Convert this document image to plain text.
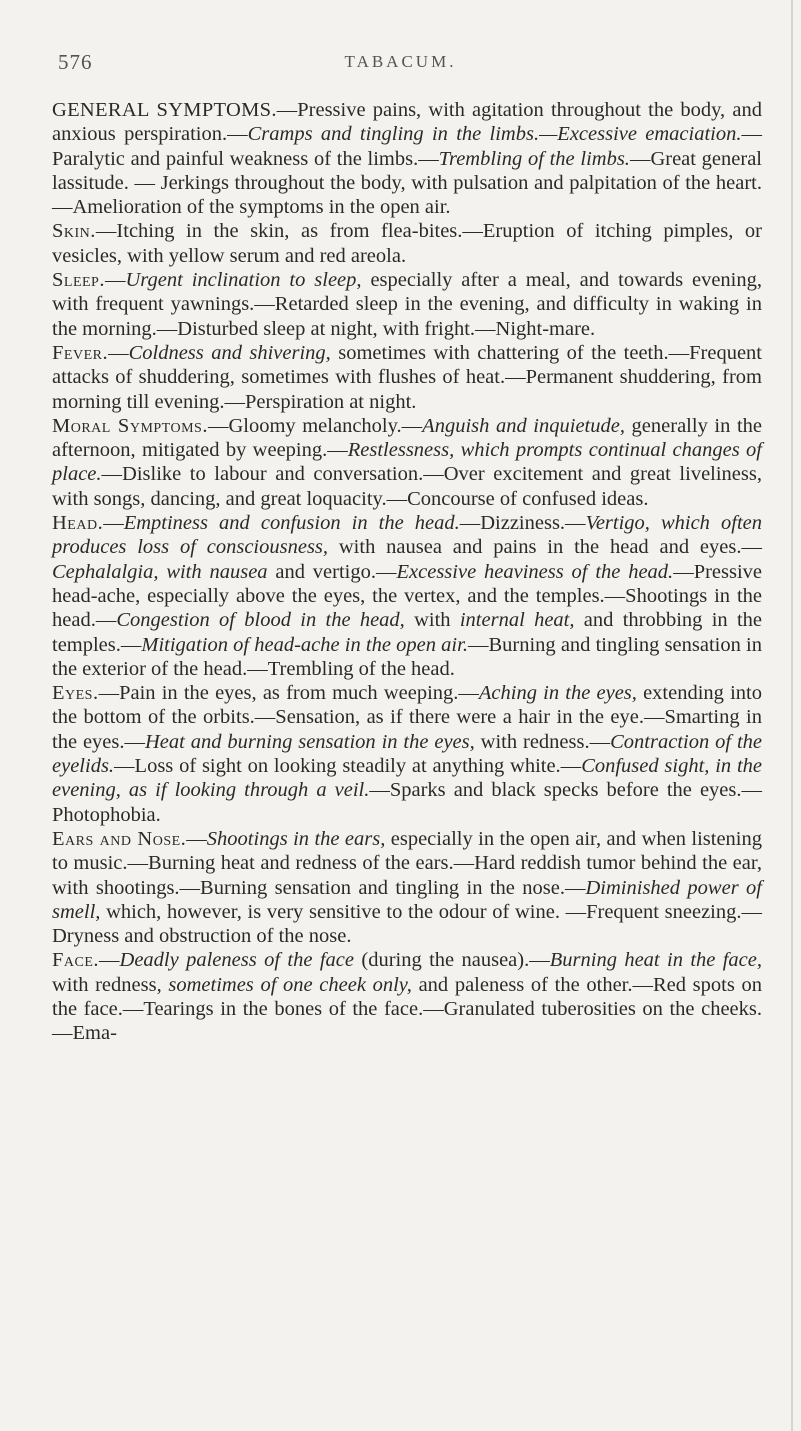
576	TABACUM.

GENERAL SYMPTOMS.—Pressive pains, with agitation throughout the body, and anxious perspiration.—Cramps and tingling in the limbs.—Excessive emaciation.—Paralytic and painful weakness of the limbs.—Trembling of the limbs.—Great general lassitude. — Jerkings throughout the body, with pulsation and palpitation of the heart.—Amelioration of the symptoms in the open air.

Skin.—Itching in the skin, as from flea-bites.—Eruption of itching pimples, or vesicles, with yellow serum and red areola.

Sleep.—Urgent inclination to sleep, especially after a meal, and towards evening, with frequent yawnings.—Retarded sleep in the evening, and difficulty in waking in the morning.—Disturbed sleep at night, with fright.—Night-mare.

Fever.—Coldness and shivering, sometimes with chattering of the teeth.—Frequent attacks of shuddering, sometimes with flushes of heat.—Permanent shuddering, from morning till evening.—Perspiration at night.

Moral Symptoms.—Gloomy melancholy.—Anguish and inquietude, generally in the afternoon, mitigated by weeping.—Restlessness, which prompts continual changes of place.—Dislike to labour and conversation.—Over excitement and great liveliness, with songs, dancing, and great loquacity.—Concourse of confused ideas.

Head.—Emptiness and confusion in the head.—Dizziness.—Vertigo, which often produces loss of consciousness, with nausea and pains in the head and eyes.—Cephalalgia, with nausea and vertigo.—Excessive heaviness of the head.—Pressive head-ache, especially above the eyes, the vertex, and the temples.—Shootings in the head.—Congestion of blood in the head, with internal heat, and throbbing in the temples.—Mitigation of head-ache in the open air.—Burning and tingling sensation in the exterior of the head.—Trembling of the head.

Eyes.—Pain in the eyes, as from much weeping.—Aching in the eyes, extending into the bottom of the orbits.—Sensation, as if there were a hair in the eye.—Smarting in the eyes.—Heat and burning sensation in the eyes, with redness.—Contraction of the eyelids.—Loss of sight on looking steadily at anything white.—Confused sight, in the evening, as if looking through a veil.—Sparks and black specks before the eyes.—Photophobia.

Ears and Nose.—Shootings in the ears, especially in the open air, and when listening to music.—Burning heat and redness of the ears.—Hard reddish tumor behind the ear, with shootings.—Burning sensation and tingling in the nose.—Diminished power of smell, which, however, is very sensitive to the odour of wine. —Frequent sneezing.—Dryness and obstruction of the nose.

Face.—Deadly paleness of the face (during the nausea).—Burning heat in the face, with redness, sometimes of one cheek only, and paleness of the other.—Red spots on the face.—Tearings in the bones of the face.—Granulated tuberosities on the cheeks.—Ema-
